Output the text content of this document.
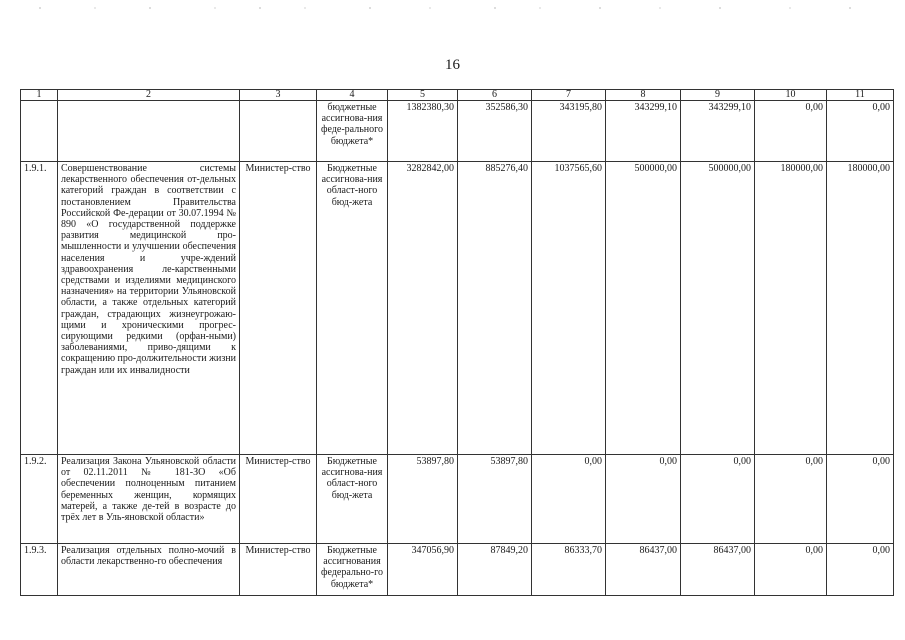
16
1	2	3	4	5	6	7	8	9	10	11
			бюджетные ассигнова-ния феде-рального бюджета*	1382380,30	352586,30	343195,80	343299,10	343299,10	0,00	0,00
1.9.1.	Совершенствование системы лекарственного обеспечения от-дельных категорий граждан в соответствии с постановлением Правительства Российской Фе-дерации от 30.07.1994 № 890 «О государственной поддержке развития медицинской про-мышленности и улучшении обеспечения населения и учре-ждений здравоохранения ле-карственными средствами и изделиями медицинского назначения» на территории Ульяновской области, а также отдельных категорий граждан, страдающих жизнеугрожаю-щими и хроническими прогрес-сирующими редкими (орфан-ными) заболеваниями, приво-дящими к сокращению про-должительности жизни граждан или их инвалидности	Министер-ство	Бюджетные ассигнова-ния област-ного бюд-жета	3282842,00	885276,40	1037565,60	500000,00	500000,00	180000,00	180000,00
1.9.2.	Реализация Закона Ульяновской области от 02.11.2011 № 181-ЗО «Об обеспечении полноценным питанием беременных женщин, кормящих матерей, а также де-тей в возрасте до трёх лет в Уль-яновской области»	Министер-ство	Бюджетные ассигнова-ния област-ного бюд-жета	53897,80	53897,80	0,00	0,00	0,00	0,00	0,00
1.9.3.	Реализация отдельных полно-мочий в области лекарственно-го обеспечения	Министер-ство	Бюджетные ассигнования федерально-го бюджета*	347056,90	87849,20	86333,70	86437,00	86437,00	0,00	0,00
